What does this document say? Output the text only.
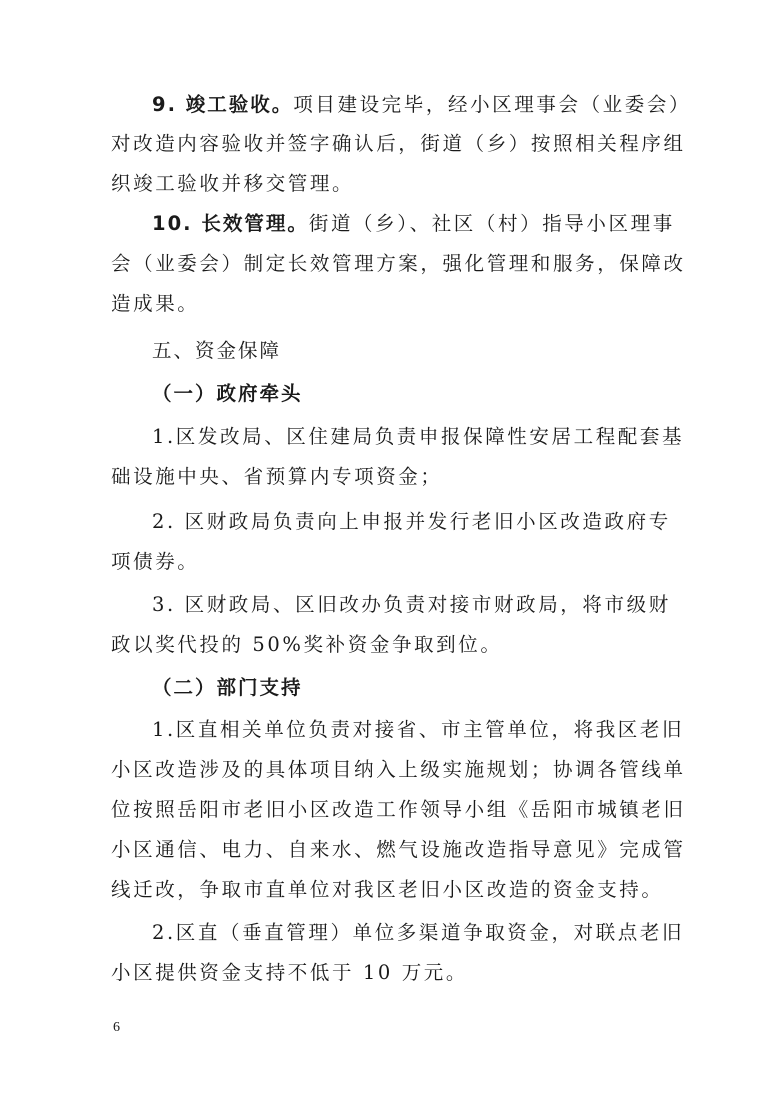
9. 竣工验收。项目建设完毕，经小区理事会（业委会）
对改造内容验收并签字确认后，街道（乡）按照相关程序组
织竣工验收并移交管理。
10. 长效管理。街道（乡）、社区（村）指导小区理事
会（业委会）制定长效管理方案，强化管理和服务，保障改
造成果。
五、资金保障
（一）政府牵头
1.区发改局、区住建局负责申报保障性安居工程配套基
础设施中央、省预算内专项资金；
2. 区财政局负责向上申报并发行老旧小区改造政府专
项债券。
3. 区财政局、区旧改办负责对接市财政局，将市级财
政以奖代投的 50%奖补资金争取到位。
（二）部门支持
1.区直相关单位负责对接省、市主管单位，将我区老旧
小区改造涉及的具体项目纳入上级实施规划；协调各管线单
位按照岳阳市老旧小区改造工作领导小组《岳阳市城镇老旧
小区通信、电力、自来水、燃气设施改造指导意见》完成管
线迁改，争取市直单位对我区老旧小区改造的资金支持。
2.区直（垂直管理）单位多渠道争取资金，对联点老旧
小区提供资金支持不低于 10 万元。
6
